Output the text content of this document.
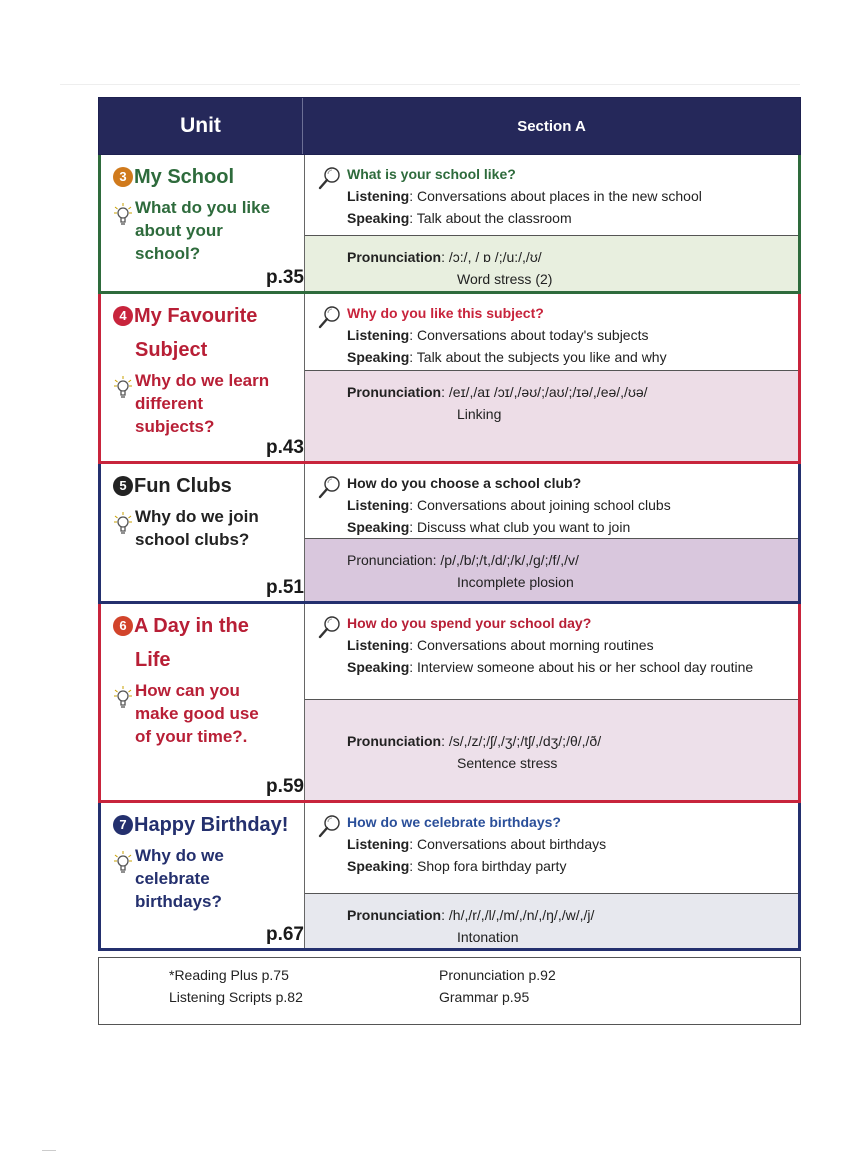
Unit	Section A
3 My School
What do you like
about your
school?
p.35
What is your school like?
Listening: Conversations about places in the new school
Speaking: Talk about the classroom
Pronunciation: /ɔ:/, / ɒ /;/u:/,/ʊ/
Word stress (2)
4 My Favourite
Subject
Why do we learn
different
subjects?
p.43
Why do you like this subject?
Listening: Conversations about today's subjects
Speaking: Talk about the subjects you like and why
Pronunciation: /eɪ/,/aɪ /ɔɪ/,/əʊ/;/aʊ/;/ɪə/,/eə/,/ʊə/
Linking
5 Fun Clubs
Why do we join
school clubs?
p.51
How do you choose a school club?
Listening: Conversations about joining school clubs
Speaking: Discuss what club you want to join
Pronunciation: /p/,/b/;/t,/d/;/k/,/g/;/f/,/v/
Incomplete plosion
6 A Day in the
Life
How can you
make good use
of your time?.
p.59
How do you spend your school day?
Listening: Conversations about morning routines
Speaking: Interview someone about his or her school day routine
Pronunciation: /s/,/z/;/ʃ/,/ʒ/;/tʃ/,/dʒ/;/θ/,/ð/
Sentence stress
7 Happy Birthday!
Why do we
celebrate
birthdays?
p.67
How do we celebrate birthdays?
Listening: Conversations about birthdays
Speaking: Shop fora birthday party
Pronunciation: /h/,/r/,/l/,/m/,/n/,/ŋ/,/w/,/j/
Intonation
*Reading Plus p.75
Listening Scripts p.82
Pronunciation p.92
Grammar p.95
